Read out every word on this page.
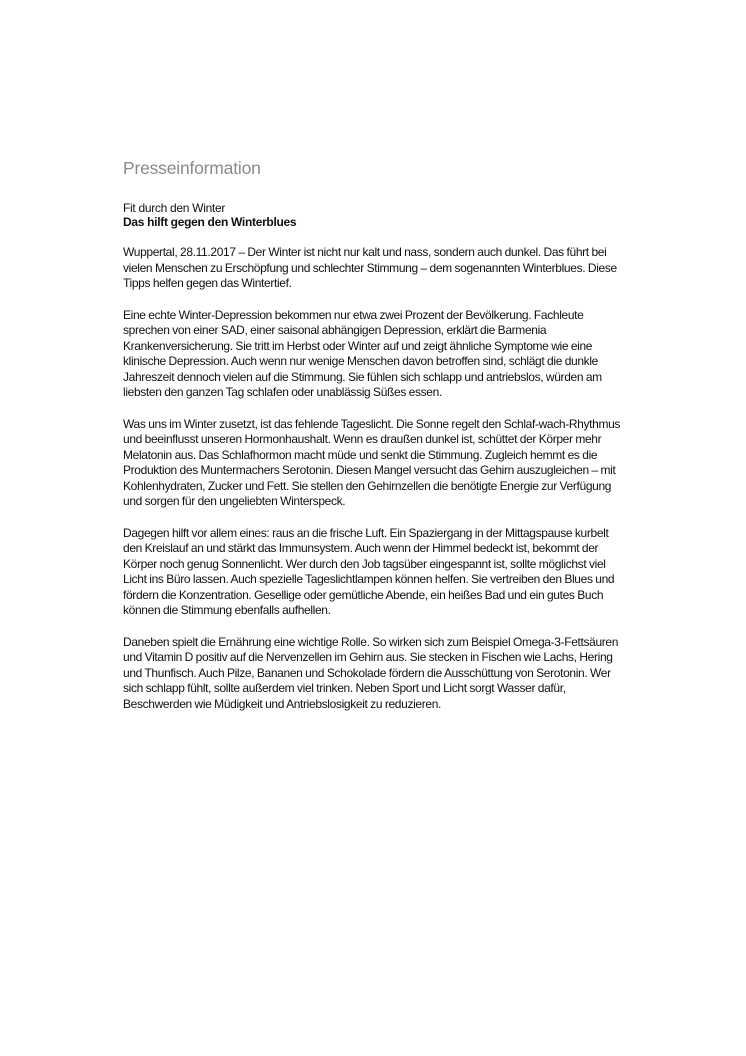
Presseinformation
Fit durch den Winter
Das hilft gegen den Winterblues

Wuppertal, 28.11.2017 – Der Winter ist nicht nur kalt und nass, sondern auch dunkel. Das führt bei vielen Menschen zu Erschöpfung und schlechter Stimmung – dem sogenannten Winterblues. Diese Tipps helfen gegen das Wintertief.

Eine echte Winter-Depression bekommen nur etwa zwei Prozent der Bevölkerung. Fachleute sprechen von einer SAD, einer saisonal abhängigen Depression, erklärt die Barmenia Krankenversicherung. Sie tritt im Herbst oder Winter auf und zeigt ähnliche Symptome wie eine klinische Depression. Auch wenn nur wenige Menschen davon betroffen sind, schlägt die dunkle Jahreszeit dennoch vielen auf die Stimmung. Sie fühlen sich schlapp und antriebslos, würden am liebsten den ganzen Tag schlafen oder unablässig Süßes essen.

Was uns im Winter zusetzt, ist das fehlende Tageslicht. Die Sonne regelt den Schlaf-wach-Rhythmus und beeinflusst unseren Hormonhaushalt. Wenn es draußen dunkel ist, schüttet der Körper mehr Melatonin aus. Das Schlafhormon macht müde und senkt die Stimmung. Zugleich hemmt es die Produktion des Muntermachers Serotonin. Diesen Mangel versucht das Gehirn auszugleichen – mit Kohlenhydraten, Zucker und Fett. Sie stellen den Gehirnzellen die benötigte Energie zur Verfügung und sorgen für den ungeliebten Winterspeck.

Dagegen hilft vor allem eines: raus an die frische Luft. Ein Spaziergang in der Mittagspause kurbelt den Kreislauf an und stärkt das Immunsystem. Auch wenn der Himmel bedeckt ist, bekommt der Körper noch genug Sonnenlicht. Wer durch den Job tagsüber eingespannt ist, sollte möglichst viel Licht ins Büro lassen. Auch spezielle Tageslichtlampen können helfen. Sie vertreiben den Blues und fördern die Konzentration. Gesellige oder gemütliche Abende, ein heißes Bad und ein gutes Buch können die Stimmung ebenfalls aufhellen.

Daneben spielt die Ernährung eine wichtige Rolle. So wirken sich zum Beispiel Omega-3-Fettsäuren und Vitamin D positiv auf die Nervenzellen im Gehirn aus. Sie stecken in Fischen wie Lachs, Hering und Thunfisch. Auch Pilze, Bananen und Schokolade fördern die Ausschüttung von Serotonin. Wer sich schlapp fühlt, sollte außerdem viel trinken. Neben Sport und Licht sorgt Wasser dafür, Beschwerden wie Müdigkeit und Antriebslosigkeit zu reduzieren.
